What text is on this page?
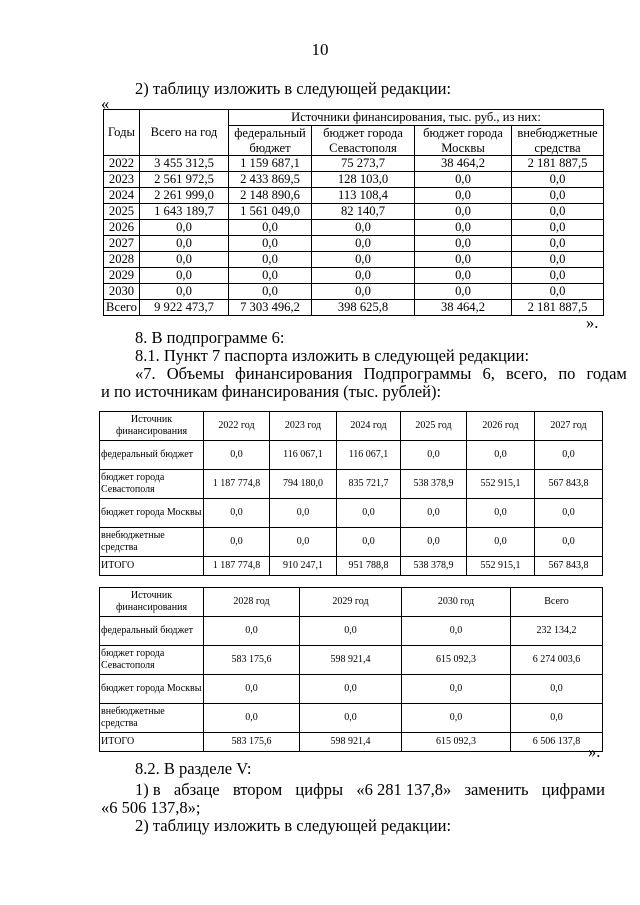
10
2) таблицу изложить в следующей редакции:
«
Годы	Всего на год	Источники финансирования, тыс. руб., из них:			
		федеральный бюджет	бюджет города Севастополя	бюджет города Москвы	внебюджетные средства
2022	3 455 312,5	1 159 687,1	75 273,7	38 464,2	2 181 887,5
2023	2 561 972,5	2 433 869,5	128 103,0	0,0	0,0
2024	2 261 999,0	2 148 890,6	113 108,4	0,0	0,0
2025	1 643 189,7	1 561 049,0	82 140,7	0,0	0,0
2026	0,0	0,0	0,0	0,0	0,0
2027	0,0	0,0	0,0	0,0	0,0
2028	0,0	0,0	0,0	0,0	0,0
2029	0,0	0,0	0,0	0,0	0,0
2030	0,0	0,0	0,0	0,0	0,0
Всего	9 922 473,7	7 303 496,2	398 625,8	38 464,2	2 181 887,5
».
8. В подпрограмме 6:
8.1. Пункт 7 паспорта изложить в следующей редакции:
«7. Объемы финансирования Подпрограммы 6, всего, по годам
и по источникам финансирования (тыс. рублей):
Источник финансирования	2022 год	2023 год	2024 год	2025 год	2026 год	2027 год
федеральный бюджет	0,0	116 067,1	116 067,1	0,0	0,0	0,0
бюджет города Севастополя	1 187 774,8	794 180,0	835 721,7	538 378,9	552 915,1	567 843,8
бюджет города Москвы	0,0	0,0	0,0	0,0	0,0	0,0
внебюджетные средства	0,0	0,0	0,0	0,0	0,0	0,0
ИТОГО	1 187 774,8	910 247,1	951 788,8	538 378,9	552 915,1	567 843,8
Источник финансирования	2028 год	2029 год	2030 год	Всего
федеральный бюджет	0,0	0,0	0,0	232 134,2
бюджет города Севастополя	583 175,6	598 921,4	615 092,3	6 274 003,6
бюджет города Москвы	0,0	0,0	0,0	0,0
внебюджетные средства	0,0	0,0	0,0	0,0
ИТОГО	583 175,6	598 921,4	615 092,3	6 506 137,8
».
8.2. В разделе V:
1) в абзаце втором цифры «6 281 137,8» заменить цифрами
«6 506 137,8»;
2) таблицу изложить в следующей редакции:
